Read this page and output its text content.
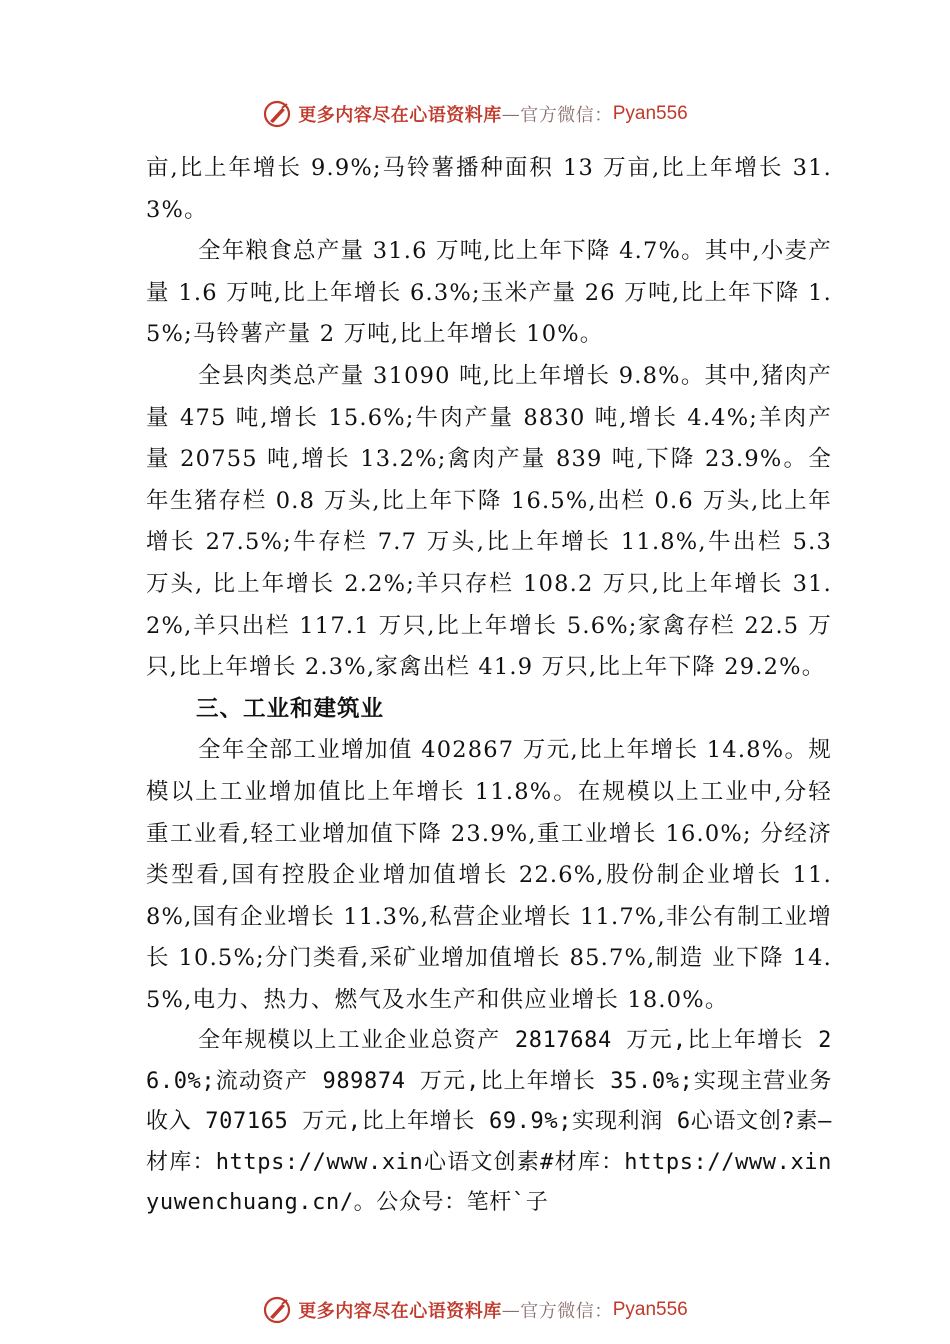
更多内容尽在心语资料库 — 官方微信： Pyan556

亩,比上年增长 9.9%;马铃薯播种面积 13 万亩,比上年增长 31.3%。

全年粮食总产量 31.6 万吨,比上年下降 4.7%。其中,小麦产量 1.6 万吨,比上年增长 6.3%;玉米产量 26 万吨,比上年下降 1.5%;马铃薯产量 2 万吨,比上年增长 10%。

全县肉类总产量 31090 吨,比上年增长 9.8%。其中,猪肉产量 475 吨,增长 15.6%;牛肉产量 8830 吨,增长 4.4%;羊肉产量 20755 吨,增长 13.2%;禽肉产量 839 吨,下降 23.9%。全年生猪存栏 0.8 万头,比上年下降 16.5%,出栏 0.6 万头,比上年增长 27.5%;牛存栏 7.7 万头,比上年增长 11.8%,牛出栏 5.3 万头, 比上年增长 2.2%;羊只存栏 108.2 万只,比上年增长 31.2%,羊只出栏 117.1 万只,比上年增长 5.6%;家禽存栏 22.5 万只,比上年增长 2.3%,家禽出栏 41.9 万只,比上年下降 29.2%。

三、工业和建筑业

全年全部工业增加值 402867 万元,比上年增长 14.8%。规模以上工业增加值比上年增长 11.8%。在规模以上工业中,分轻重工业看,轻工业增加值下降 23.9%,重工业增长 16.0%; 分经济类型看,国有控股企业增加值增长 22.6%,股份制企业增长 11.8%,国有企业增长 11.3%,私营企业增长 11.7%,非公有制工业增长 10.5%;分门类看,采矿业增加值增长 85.7%,制造 业下降 14.5%,电力、热力、燃气及水生产和供应业增长 18.0%。

全年规模以上工业企业总资产 2817684 万元,比上年增长 26.0%;流动资产 989874 万元,比上年增长 35.0%;实现主营业务收入 707165 万元,比上年增长 69.9%;实现利润 6心语文创?素—材库：https://www.xin心语文创素#材库：https://www.xinyuwenchuang.cn/。公众号：笔杆`子

更多内容尽在心语资料库 — 官方微信： Pyan556
